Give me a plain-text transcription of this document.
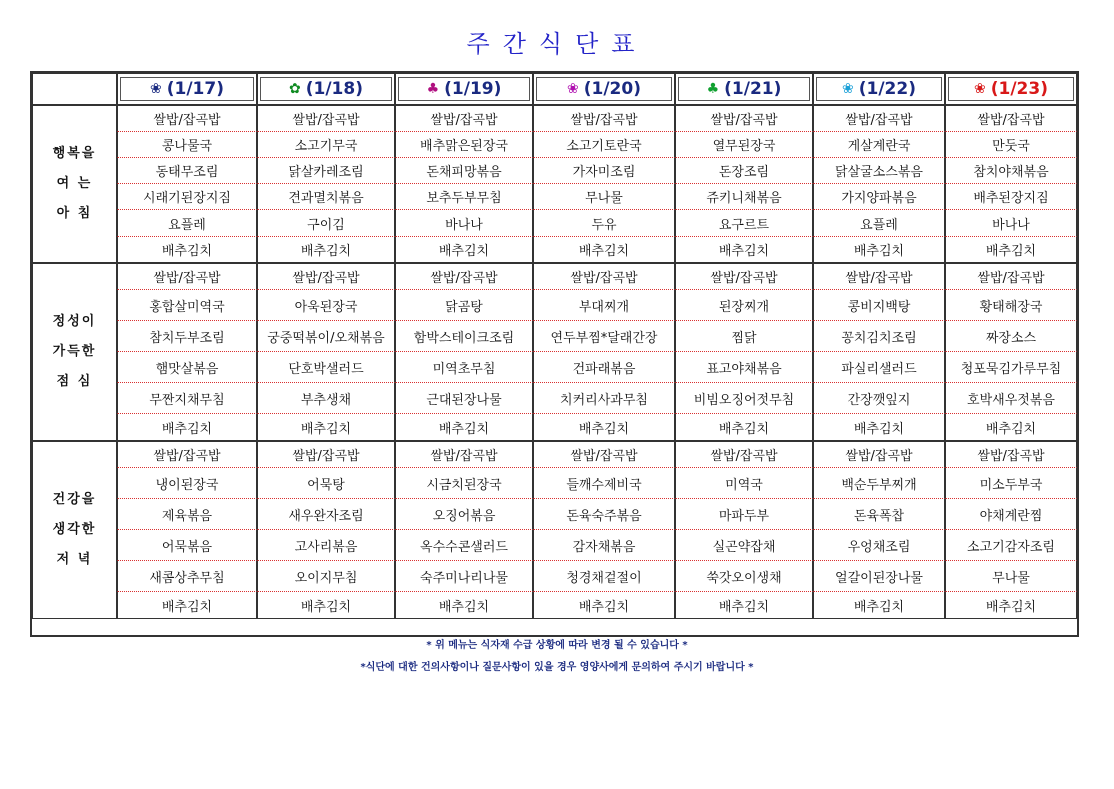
주간식단표

	❀ (1/17)	✿ (1/18)	♣ (1/19)	❀ (1/20)	♣ (1/21)	❀ (1/22)	❀ (1/23)

행복을
여 는
아 침	쌀밥/잡곡밥	쌀밥/잡곡밥	쌀밥/잡곡밥	쌀밥/잡곡밥	쌀밥/잡곡밥	쌀밥/잡곡밥	쌀밥/잡곡밥
	콩나물국	소고기무국	배추맑은된장국	소고기토란국	열무된장국	게살계란국	만둣국
	동태무조림	닭살카레조림	돈채피망볶음	가자미조림	돈장조림	닭살굴소스볶음	참치야채볶음
	시래기된장지짐	견과멸치볶음	보추두부무침	무나물	쥬키니채볶음	가지양파볶음	배추된장지짐
	요플레	구이김	바나나	두유	요구르트	요플레	바나나
	배추김치	배추김치	배추김치	배추김치	배추김치	배추김치	배추김치

정성이
가득한
점 심	쌀밥/잡곡밥	쌀밥/잡곡밥	쌀밥/잡곡밥	쌀밥/잡곡밥	쌀밥/잡곡밥	쌀밥/잡곡밥	쌀밥/잡곡밥
	홍합살미역국	아욱된장국	닭곰탕	부대찌개	된장찌개	콩비지백탕	황태해장국
	참치두부조림	궁중떡볶이/오채볶음	함박스테이크조림	연두부찜*달래간장	찜닭	꽁치김치조림	짜장소스
	햄맛살볶음	단호박샐러드	미역초무침	건파래볶음	표고야채볶음	파실리샐러드	청포묵김가루무침
	무짠지채무침	부추생채	근대된장나물	치커리사과무침	비빔오징어젓무침	간장깻잎지	호박새우젓볶음
	배추김치	배추김치	배추김치	배추김치	배추김치	배추김치	배추김치

건강을
생각한
저 녁	쌀밥/잡곡밥	쌀밥/잡곡밥	쌀밥/잡곡밥	쌀밥/잡곡밥	쌀밥/잡곡밥	쌀밥/잡곡밥	쌀밥/잡곡밥
	냉이된장국	어묵탕	시금치된장국	들깨수제비국	미역국	백순두부찌개	미소두부국
	제육볶음	새우완자조림	오징어볶음	돈육숙주볶음	마파두부	돈육폭찹	야채계란찜
	어묵볶음	고사리볶음	옥수수콘샐러드	감자채볶음	실곤약잡채	우엉채조림	소고기감자조림
	새콤상추무침	오이지무침	숙주미나리나물	청경채겉절이	쑥갓오이생채	얼갈이된장나물	무나물
	배추김치	배추김치	배추김치	배추김치	배추김치	배추김치	배추김치
* 위 메뉴는 식자재 수급 상황에 따라 변경 될 수 있습니다 *
*식단에 대한 건의사항이나 질문사항이 있을 경우 영양사에게 문의하여 주시기 바랍니다 *
